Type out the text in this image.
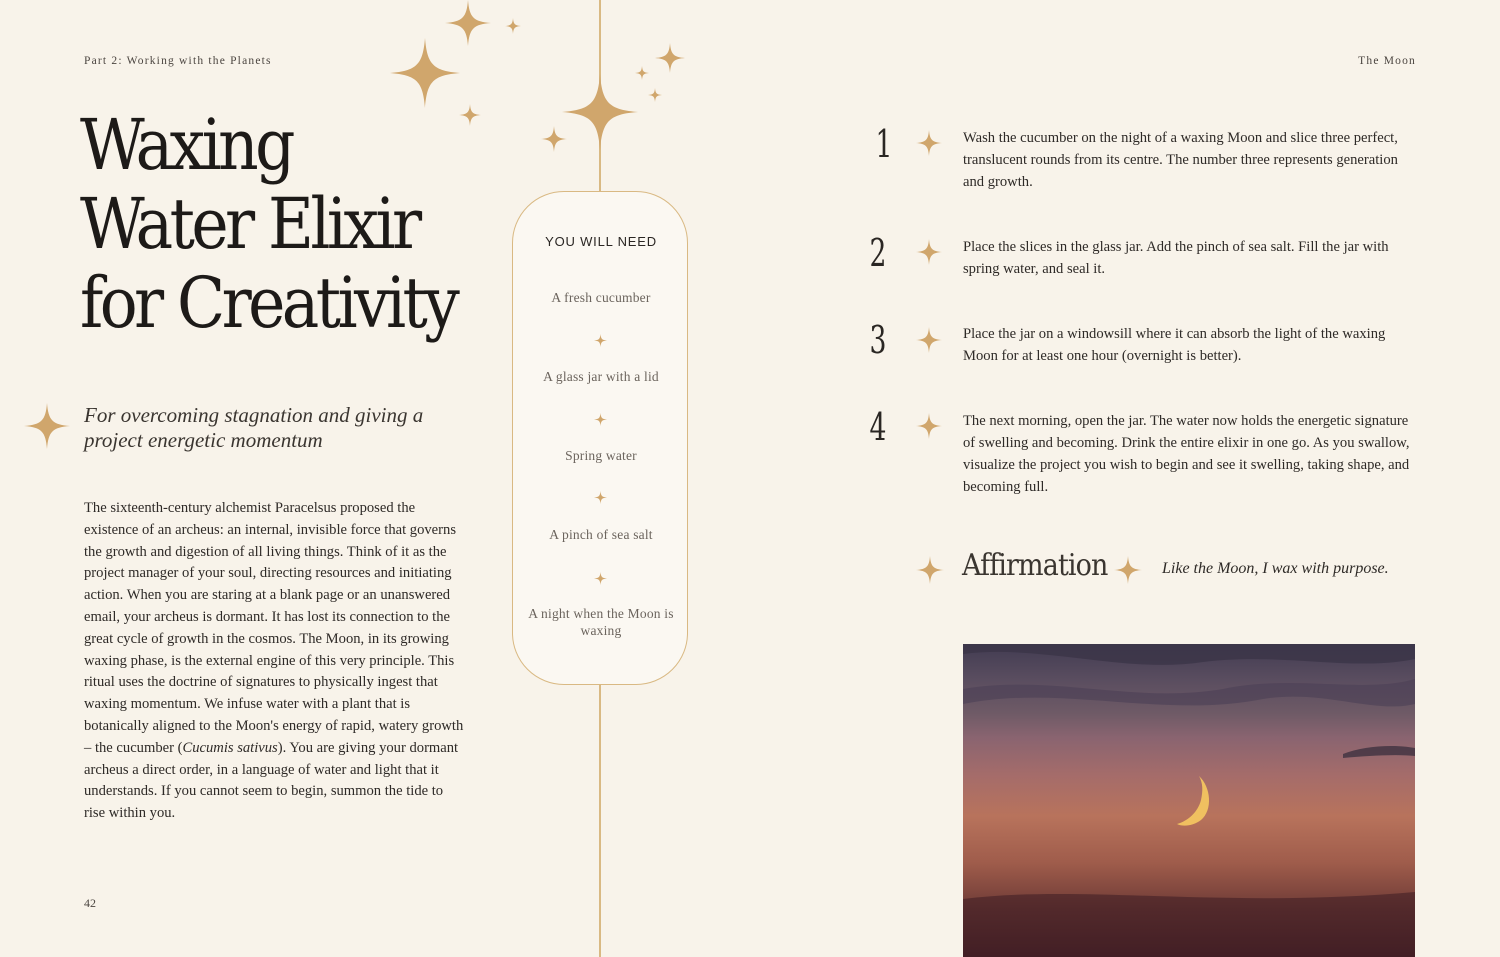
Part 2: Working with the Planets	The Moon
Waxing
Water Elixir
for Creativity
For overcoming stagnation and giving a project energetic momentum
The sixteenth-century alchemist Paracelsus proposed the existence of an archeus: an internal, invisible force that governs the growth and digestion of all living things. Think of it as the project manager of your soul, directing resources and initiating action. When you are staring at a blank page or an unanswered email, your archeus is dormant. It has lost its connection to the great cycle of growth in the cosmos. The Moon, in its growing waxing phase, is the external engine of this very principle. This ritual uses the doctrine of signatures to physically ingest that waxing momentum. We infuse water with a plant that is botanically aligned to the Moon's energy of rapid, watery growth – the cucumber (Cucumis sativus). You are giving your dormant archeus a direct order, in a language of water and light that it understands. If you cannot seem to begin, summon the tide to rise within you.
42
YOU WILL NEED
A fresh cucumber
A glass jar with a lid
Spring water
A pinch of sea salt
A night when the Moon is waxing
1	Wash the cucumber on the night of a waxing Moon and slice three perfect, translucent rounds from its centre. The number three represents generation and growth.
2	Place the slices in the glass jar. Add the pinch of sea salt. Fill the jar with spring water, and seal it.
3	Place the jar on a windowsill where it can absorb the light of the waxing Moon for at least one hour (overnight is better).
4	The next morning, open the jar. The water now holds the energetic signature of swelling and becoming. Drink the entire elixir in one go. As you swallow, visualize the project you wish to begin and see it swelling, taking shape, and becoming full.
Affirmation	Like the Moon, I wax with purpose.
